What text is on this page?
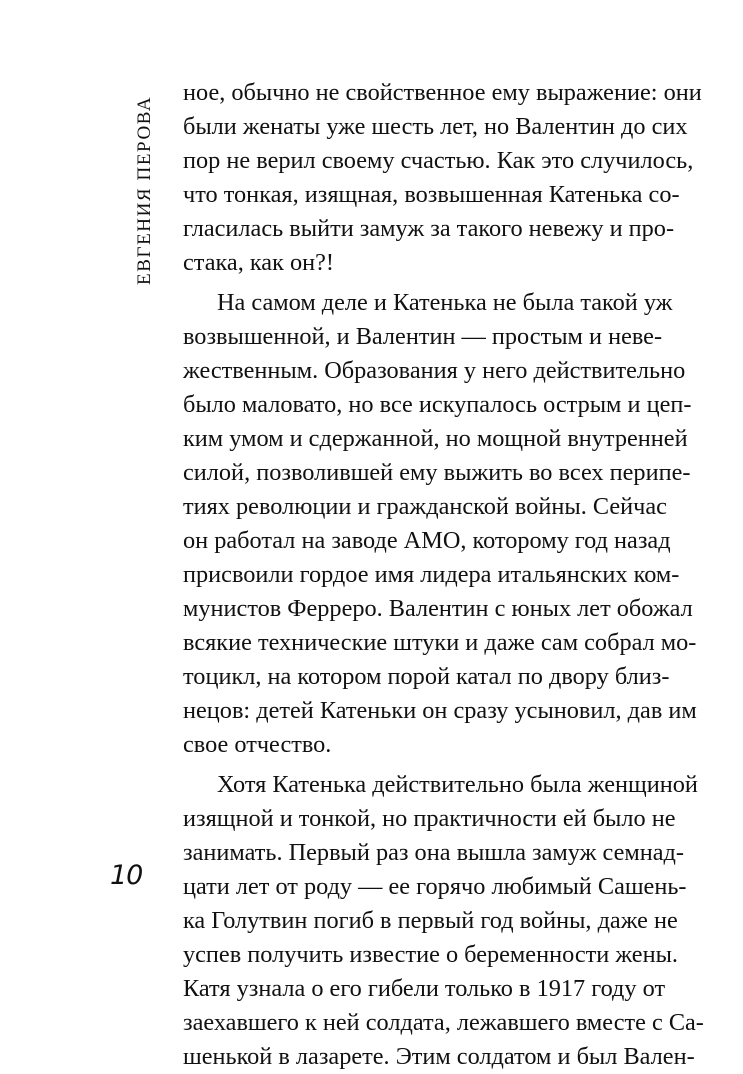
ЕВГЕНИЯ ПЕРОВА

ное, обычно не свойственное ему выражение: они
были женаты уже шесть лет, но Валентин до сих
пор не верил своему счастью. Как это случилось,
что тонкая, изящная, возвышенная Катенька со-
гласилась выйти замуж за такого невежу и про-
стака, как он?!

На самом деле и Катенька не была такой уж
возвышенной, и Валентин — простым и неве-
жественным. Образования у него действительно
было маловато, но все искупалось острым и цеп-
ким умом и сдержанной, но мощной внутренней
силой, позволившей ему выжить во всех перипе-
тиях революции и гражданской войны. Сейчас
он работал на заводе АМО, которому год назад
присвоили гордое имя лидера итальянских ком-
мунистов Ферреро. Валентин с юных лет обожал
всякие технические штуки и даже сам собрал мо-
тоцикл, на котором порой катал по двору близ-
нецов: детей Катеньки он сразу усыновил, дав им
свое отчество.

Хотя Катенька действительно была женщиной
изящной и тонкой, но практичности ей было не
занимать. Первый раз она вышла замуж семнад-
цати лет от роду — ее горячо любимый Сашень-
ка Голутвин погиб в первый год войны, даже не
успев получить известие о беременности жены.
Катя узнала о его гибели только в 1917 году от
заехавшего к ней солдата, лежавшего вместе с Са-
шенькой в лазарете. Этим солдатом и был Вален-

10
